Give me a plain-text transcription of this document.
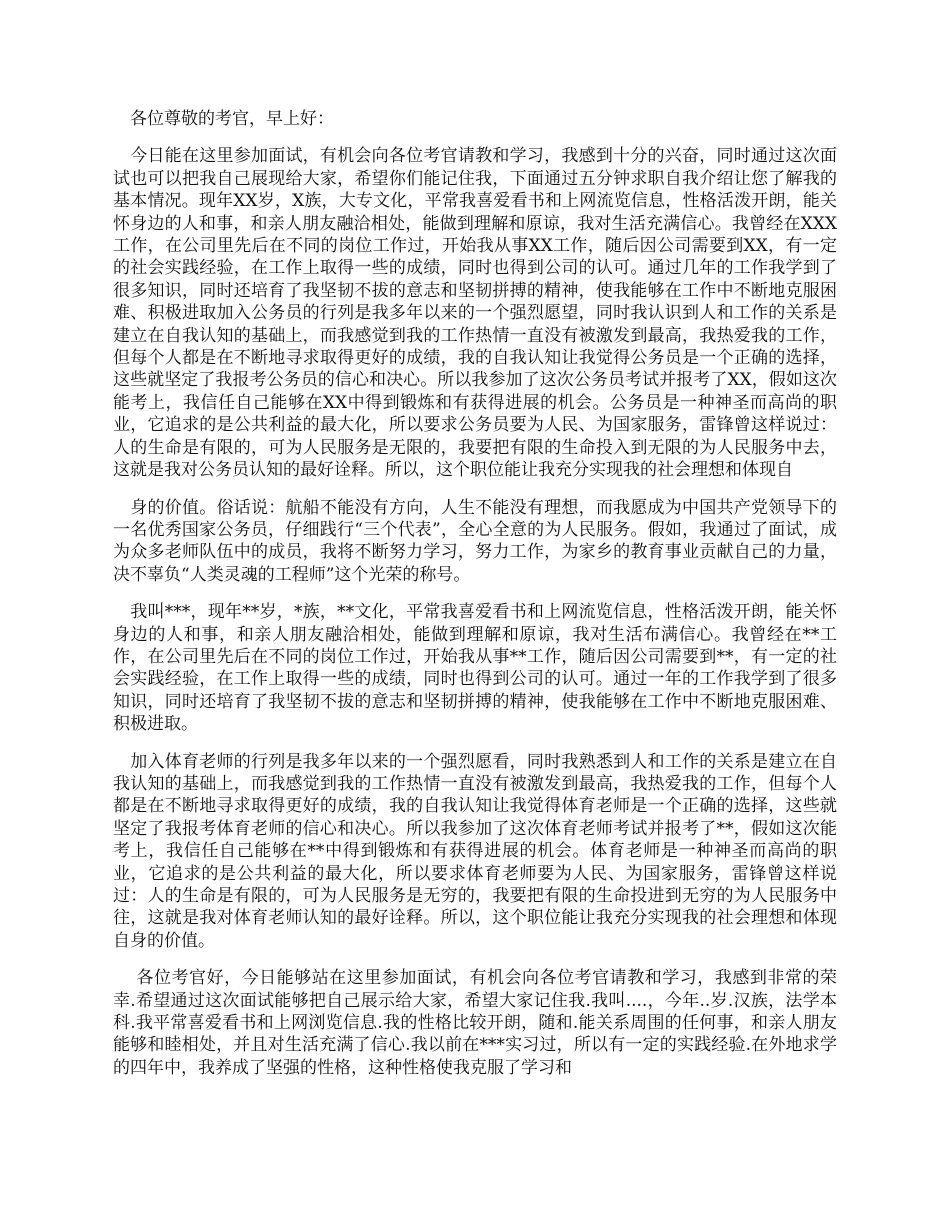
　各位尊敬的考官，早上好：

　今日能在这里参加面试，有机会向各位考官请教和学习，我感到十分的兴奋，同时通过这次面试也可以把我自己展现给大家，希望你们能记住我，下面通过五分钟求职自我介绍让您了解我的基本情况。现年XX岁，X族，大专文化，平常我喜爱看书和上网流览信息，性格活泼开朗，能关怀身边的人和事，和亲人朋友融洽相处，能做到理解和原谅，我对生活充满信心。我曾经在XXX工作，在公司里先后在不同的岗位工作过，开始我从事XX工作，随后因公司需要到XX，有一定的社会实践经验，在工作上取得一些的成绩，同时也得到公司的认可。通过几年的工作我学到了很多知识，同时还培育了我坚韧不拔的意志和坚韧拼搏的精神，使我能够在工作中不断地克服困难、积极进取加入公务员的行列是我多年以来的一个强烈愿望，同时我认识到人和工作的关系是建立在自我认知的基础上，而我感觉到我的工作热情一直没有被激发到最高，我热爱我的工作，但每个人都是在不断地寻求取得更好的成绩，我的自我认知让我觉得公务员是一个正确的选择，这些就坚定了我报考公务员的信心和决心。所以我参加了这次公务员考试并报考了XX，假如这次能考上，我信任自己能够在XX中得到锻炼和有获得进展的机会。公务员是一种神圣而高尚的职业，它追求的是公共利益的最大化，所以要求公务员要为人民、为国家服务，雷锋曾这样说过：人的生命是有限的，可为人民服务是无限的，我要把有限的生命投入到无限的为人民服务中去，这就是我对公务员认知的最好诠释。所以，这个职位能让我充分实现我的社会理想和体现自

　身的价值。俗话说：航船不能没有方向，人生不能没有理想，而我愿成为中国共产党领导下的一名优秀国家公务员，仔细践行“三个代表”，全心全意的为人民服务。假如，我通过了面试，成为众多老师队伍中的成员，我将不断努力学习，努力工作，为家乡的教育事业贡献自己的力量，决不辜负“人类灵魂的工程师”这个光荣的称号。

　我叫***，现年**岁，*族，**文化，平常我喜爱看书和上网流览信息，性格活泼开朗，能关怀身边的人和事，和亲人朋友融洽相处，能做到理解和原谅，我对生活布满信心。我曾经在**工作，在公司里先后在不同的岗位工作过，开始我从事**工作，随后因公司需要到**，有一定的社会实践经验，在工作上取得一些的成绩，同时也得到公司的认可。通过一年的工作我学到了很多知识，同时还培育了我坚韧不拔的意志和坚韧拼搏的精神，使我能够在工作中不断地克服困难、积极进取。

　加入体育老师的行列是我多年以来的一个强烈愿看，同时我熟悉到人和工作的关系是建立在自我认知的基础上，而我感觉到我的工作热情一直没有被激发到最高，我热爱我的工作，但每个人都是在不断地寻求取得更好的成绩，我的自我认知让我觉得体育老师是一个正确的选择，这些就坚定了我报考体育老师的信心和决心。所以我参加了这次体育老师考试并报考了**，假如这次能考上，我信任自己能够在**中得到锻炼和有获得进展的机会。体育老师是一种神圣而高尚的职业，它追求的是公共利益的最大化，所以要求体育老师要为人民、为国家服务，雷锋曾这样说过：人的生命是有限的，可为人民服务是无穷的，我要把有限的生命投进到无穷的为人民服务中往，这就是我对体育老师认知的最好诠释。所以，这个职位能让我充分实现我的社会理想和体现自身的价值。

　 各位考官好，今日能够站在这里参加面试，有机会向各位考官请教和学习，我感到非常的荣幸.希望通过这次面试能够把自己展示给大家，希望大家记住我.我叫....，今年..岁.汉族，法学本科.我平常喜爱看书和上网浏览信息.我的性格比较开朗，随和.能关系周围的任何事，和亲人朋友能够和睦相处，并且对生活充满了信心.我以前在***实习过，所以有一定的实践经验.在外地求学的四年中，我养成了坚强的性格，这种性格使我克服了学习和
